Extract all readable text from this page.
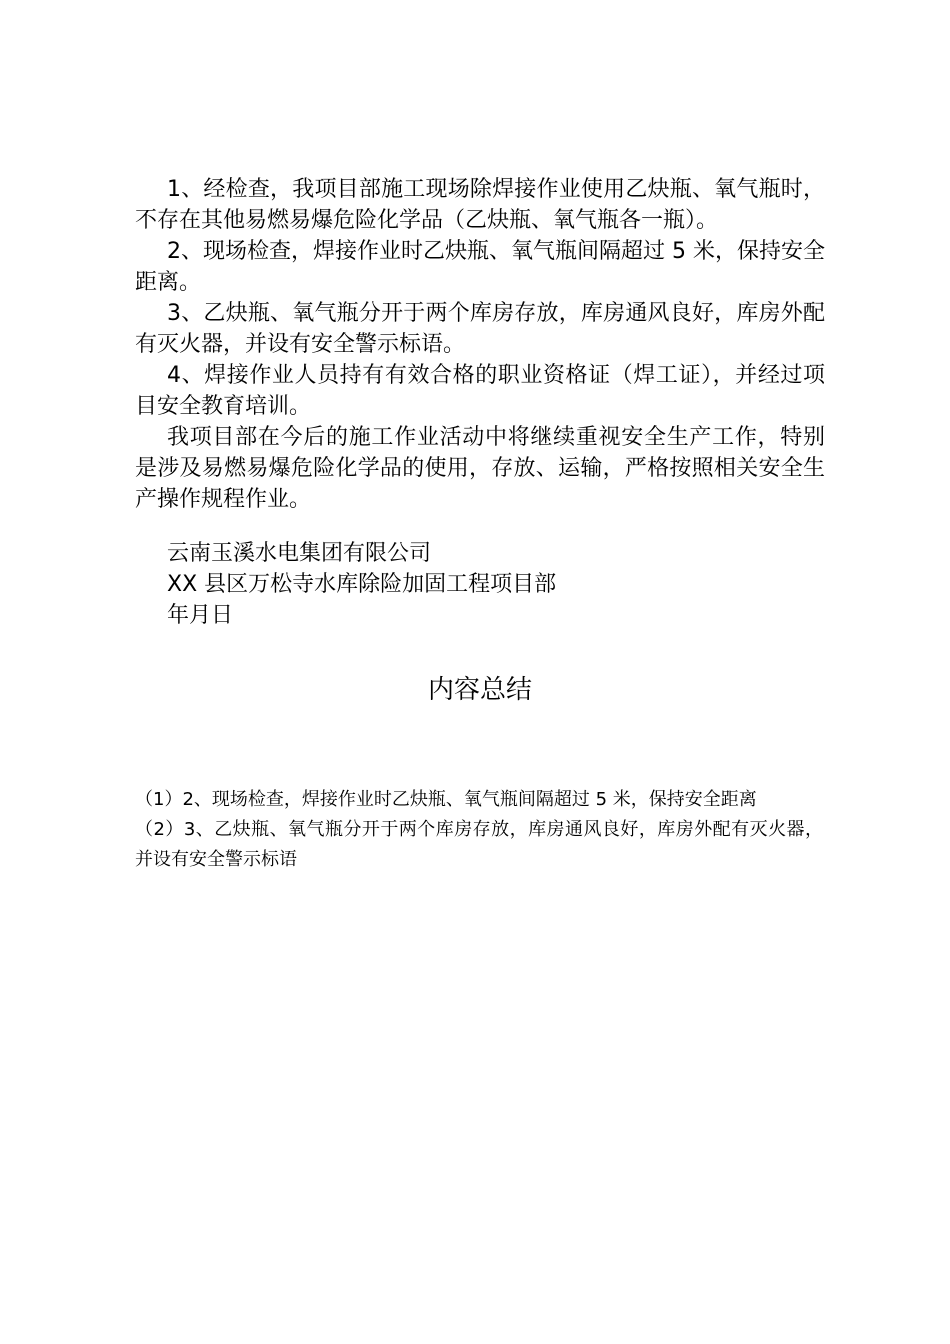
1、经检查，我项目部施工现场除焊接作业使用乙炔瓶、氧气瓶时，不存在其他易燃易爆危险化学品（乙炔瓶、氧气瓶各一瓶）。

2、现场检查，焊接作业时乙炔瓶、氧气瓶间隔超过 5 米，保持安全距离。

3、乙炔瓶、氧气瓶分开于两个库房存放，库房通风良好，库房外配有灭火器，并设有安全警示标语。

4、焊接作业人员持有有效合格的职业资格证（焊工证），并经过项目安全教育培训。

我项目部在今后的施工作业活动中将继续重视安全生产工作，特别是涉及易燃易爆危险化学品的使用，存放、运输，严格按照相关安全生产操作规程作业。

云南玉溪水电集团有限公司
XX 县区万松寺水库除险加固工程项目部
年月日
内容总结

（1）2、现场检查，焊接作业时乙炔瓶、氧气瓶间隔超过 5 米，保持安全距离

（2）3、乙炔瓶、氧气瓶分开于两个库房存放，库房通风良好，库房外配有灭火器，并设有安全警示标语
